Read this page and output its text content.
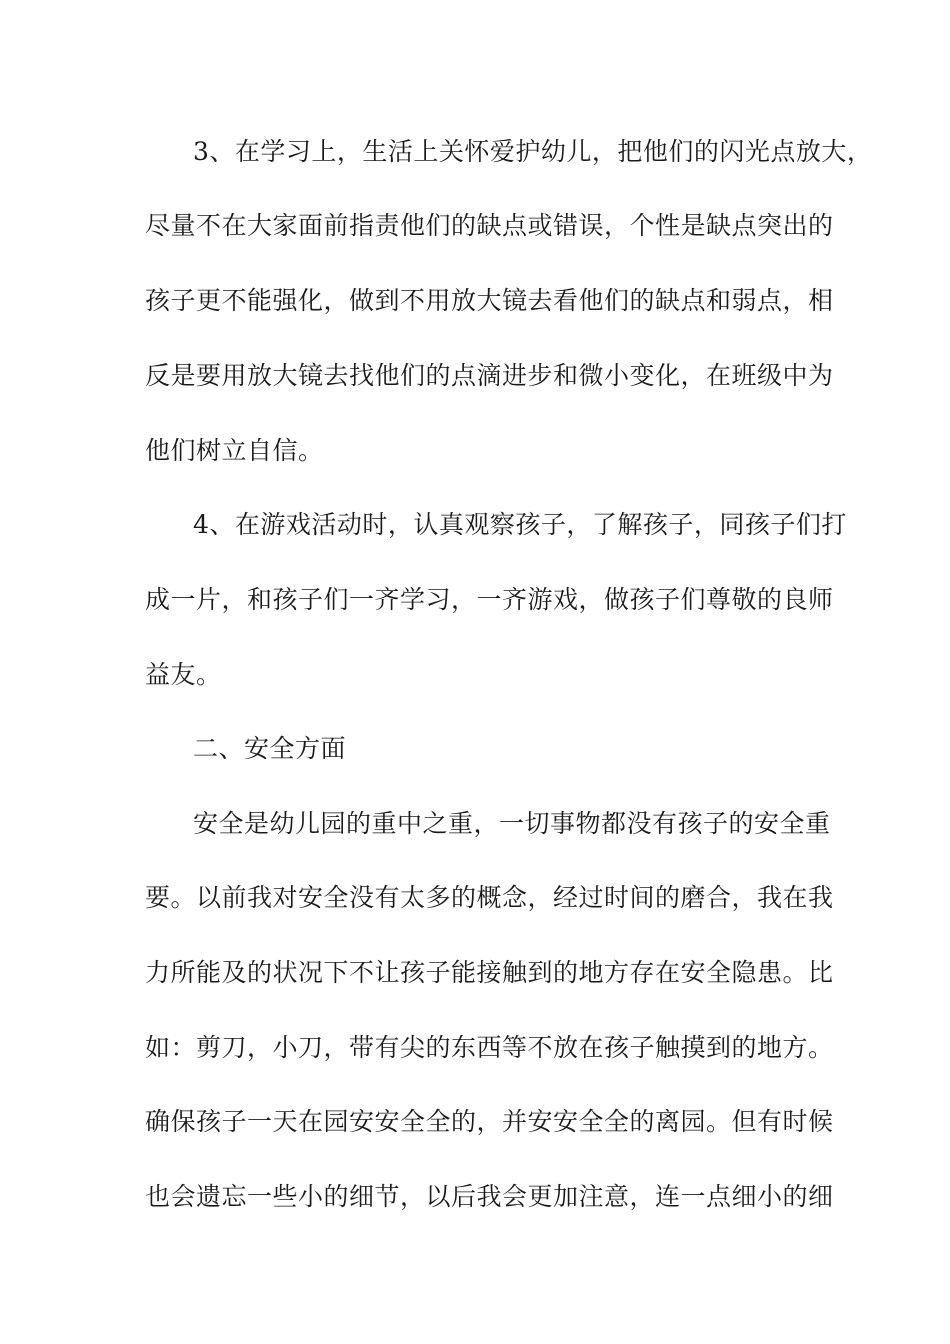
3、在学习上，生活上关怀爱护幼儿，把他们的闪光点放大，
尽量不在大家面前指责他们的缺点或错误，个性是缺点突出的
孩子更不能强化，做到不用放大镜去看他们的缺点和弱点，相
反是要用放大镜去找他们的点滴进步和微小变化，在班级中为
他们树立自信。
4、在游戏活动时，认真观察孩子，了解孩子，同孩子们打
成一片，和孩子们一齐学习，一齐游戏，做孩子们尊敬的良师
益友。
二、安全方面
安全是幼儿园的重中之重，一切事物都没有孩子的安全重
要。以前我对安全没有太多的概念，经过时间的磨合，我在我
力所能及的状况下不让孩子能接触到的地方存在安全隐患。比
如：剪刀，小刀，带有尖的东西等不放在孩子触摸到的地方。
确保孩子一天在园安安全全的，并安安全全的离园。但有时候
也会遗忘一些小的细节，以后我会更加注意，连一点细小的细
